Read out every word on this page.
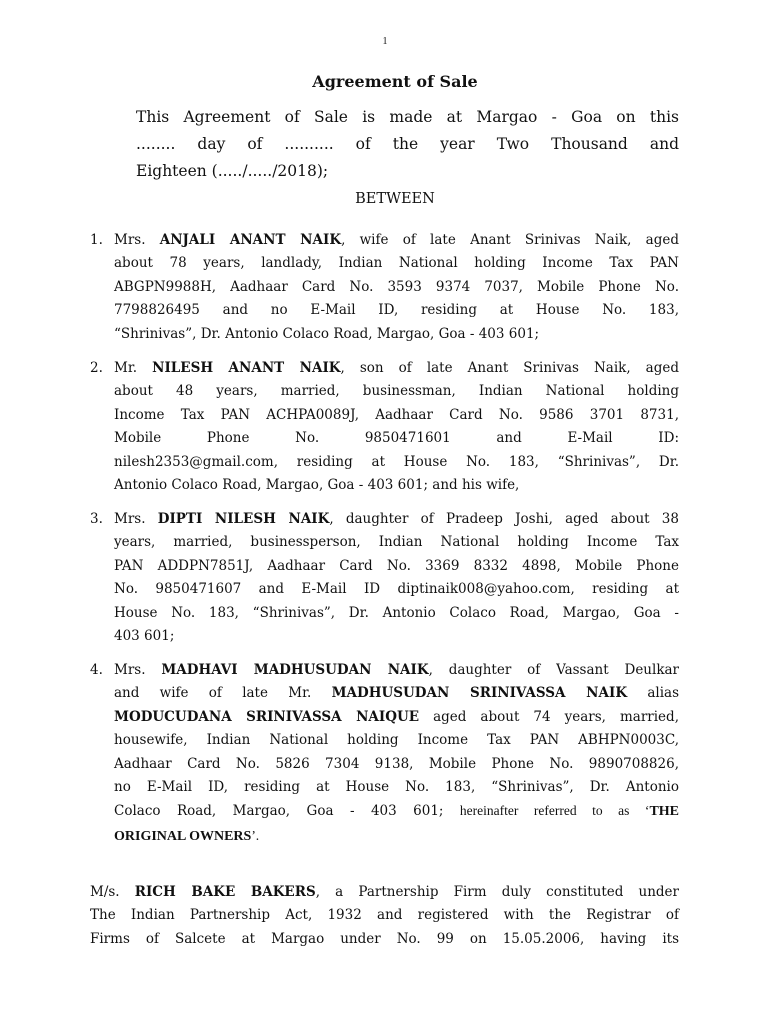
1
Agreement of Sale
This Agreement of Sale is made at Margao - Goa on this
........ day of .......... of the year Two Thousand and
Eighteen (...../...../2018);
BETWEEN
1. Mrs. ANJALI ANANT NAIK, wife of late Anant Srinivas Naik, aged
about 78 years, landlady, Indian National holding Income Tax PAN
ABGPN9988H, Aadhaar Card No. 3593 9374 7037, Mobile Phone No.
7798826495 and no E-Mail ID, residing at House No. 183,
“Shrinivas”, Dr. Antonio Colaco Road, Margao, Goa - 403 601;
2. Mr. NILESH ANANT NAIK, son of late Anant Srinivas Naik, aged
about 48 years, married, businessman, Indian National holding
Income Tax PAN ACHPA0089J, Aadhaar Card No. 9586 3701 8731,
Mobile Phone No. 9850471601 and E-Mail ID:
nilesh2353@gmail.com, residing at House No. 183, “Shrinivas”, Dr.
Antonio Colaco Road, Margao, Goa - 403 601; and his wife,
3. Mrs. DIPTI NILESH NAIK, daughter of Pradeep Joshi, aged about 38
years, married, businessperson, Indian National holding Income Tax
PAN ADDPN7851J, Aadhaar Card No. 3369 8332 4898, Mobile Phone
No. 9850471607 and E-Mail ID diptinaik008@yahoo.com, residing at
House No. 183, “Shrinivas”, Dr. Antonio Colaco Road, Margao, Goa -
403 601;
4. Mrs. MADHAVI MADHUSUDAN NAIK, daughter of Vassant Deulkar
and wife of late Mr. MADHUSUDAN SRINIVASSA NAIK alias
MODUCUDANA SRINIVASSA NAIQUE aged about 74 years, married,
housewife, Indian National holding Income Tax PAN ABHPN0003C,
Aadhaar Card No. 5826 7304 9138, Mobile Phone No. 9890708826,
no E-Mail ID, residing at House No. 183, “Shrinivas”, Dr. Antonio
Colaco Road, Margao, Goa - 403 601; hereinafter referred to as ‘THE
ORIGINAL OWNERS’.
M/s. RICH BAKE BAKERS, a Partnership Firm duly constituted under
The Indian Partnership Act, 1932 and registered with the Registrar of
Firms of Salcete at Margao under No. 99 on 15.05.2006, having its
